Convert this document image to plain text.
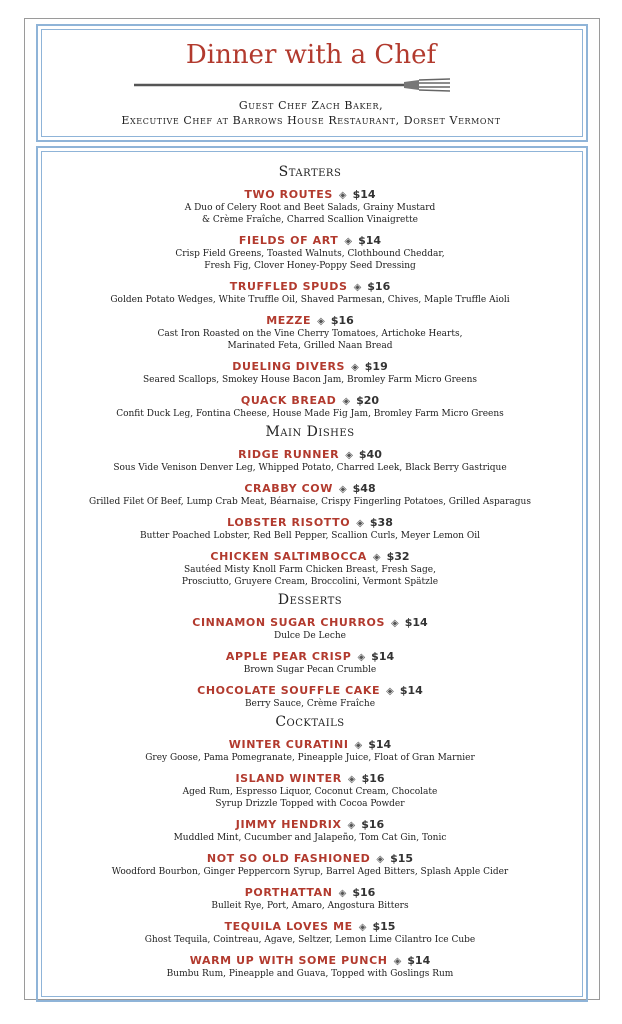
Dinner with a Chef
Guest Chef Zach Baker,
Executive Chef at Barrows House Restaurant, Dorset Vermont
Starters
TWO ROUTES ◈ $14
A Duo of Celery Root and Beet Salads, Grainy Mustard
& Crème Fraîche, Charred Scallion Vinaigrette
FIELDS OF ART ◈ $14
Crisp Field Greens, Toasted Walnuts, Clothbound Cheddar,
Fresh Fig, Clover Honey-Poppy Seed Dressing
TRUFFLED SPUDS ◈ $16
Golden Potato Wedges, White Truffle Oil, Shaved Parmesan, Chives, Maple Truffle Aioli
MEZZE ◈ $16
Cast Iron Roasted on the Vine Cherry Tomatoes, Artichoke Hearts,
Marinated Feta, Grilled Naan Bread
DUELING DIVERS ◈ $19
Seared Scallops, Smokey House Bacon Jam, Bromley Farm Micro Greens
QUACK BREAD ◈ $20
Confit Duck Leg, Fontina Cheese, House Made Fig Jam, Bromley Farm Micro Greens
Main Dishes
RIDGE RUNNER ◈ $40
Sous Vide Venison Denver Leg, Whipped Potato, Charred Leek, Black Berry Gastrique
CRABBY COW ◈ $48
Grilled Filet Of Beef, Lump Crab Meat, Béarnaise, Crispy Fingerling Potatoes, Grilled Asparagus
LOBSTER RISOTTO ◈ $38
Butter Poached Lobster, Red Bell Pepper, Scallion Curls, Meyer Lemon Oil
CHICKEN SALTIMBOCCA ◈ $32
Sautéed Misty Knoll Farm Chicken Breast, Fresh Sage,
Prosciutto, Gruyere Cream, Broccolini, Vermont Spätzle
Desserts
CINNAMON SUGAR CHURROS ◈ $14
Dulce De Leche
APPLE PEAR CRISP ◈ $14
Brown Sugar Pecan Crumble
CHOCOLATE SOUFFLE CAKE ◈ $14
Berry Sauce, Crème Fraîche
Cocktails
WINTER CURATINI ◈ $14
Grey Goose, Pama Pomegranate, Pineapple Juice, Float of Gran Marnier
ISLAND WINTER ◈ $16
Aged Rum, Espresso Liquor, Coconut Cream, Chocolate
Syrup Drizzle Topped with Cocoa Powder
JIMMY HENDRIX ◈ $16
Muddled Mint, Cucumber and Jalapeño, Tom Cat Gin, Tonic
NOT SO OLD FASHIONED ◈ $15
Woodford Bourbon, Ginger Peppercorn Syrup, Barrel Aged Bitters, Splash Apple Cider
PORTHATTAN ◈ $16
Bulleit Rye, Port, Amaro, Angostura Bitters
TEQUILA LOVES ME ◈ $15
Ghost Tequila, Cointreau, Agave, Seltzer, Lemon Lime Cilantro Ice Cube
WARM UP WITH SOME PUNCH ◈ $14
Bumbu Rum, Pineapple and Guava, Topped with Goslings Rum
